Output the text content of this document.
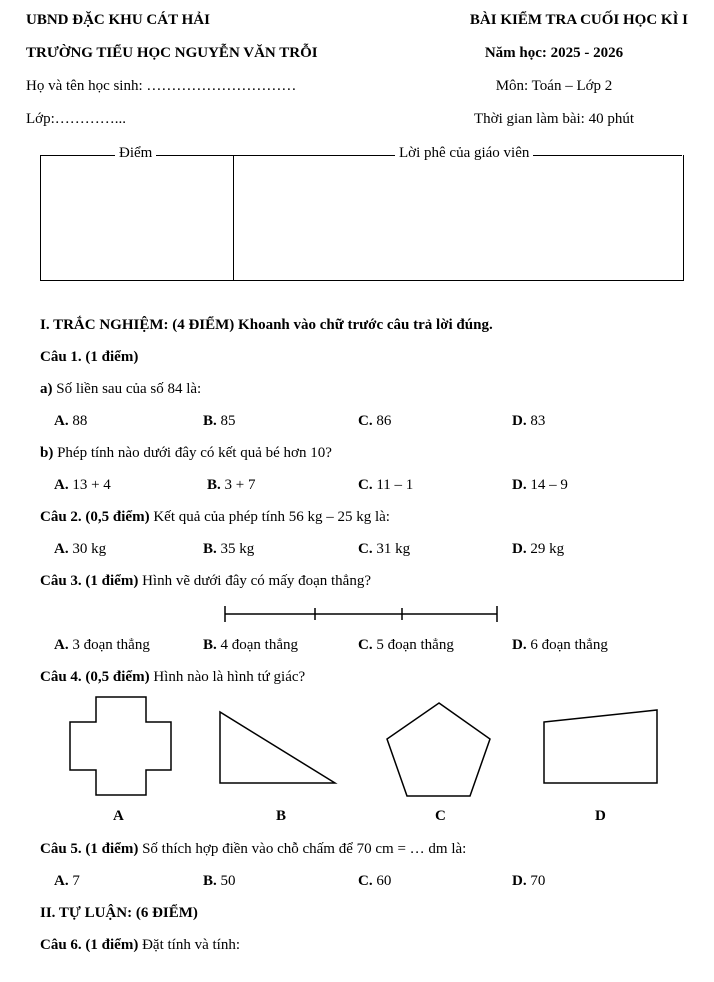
UBND ĐẶC KHU CÁT HẢI	BÀI KIỂM TRA CUỐI HỌC KÌ I
TRƯỜNG TIỂU HỌC NGUYỄN VĂN TRỖI	Năm học: 2025 - 2026
Họ và tên học sinh: …………………………	Môn: Toán – Lớp 2
Lớp:…………...	Thời gian làm bài: 40 phút
Điểm	Lời phê của giáo viên
I. TRẮC NGHIỆM: (4 ĐIỂM) Khoanh vào chữ trước câu trả lời đúng.
Câu 1. (1 điểm)
a) Số liền sau của số 84 là:
A. 88	B. 85	C. 86	D. 83
b) Phép tính nào dưới đây có kết quả bé hơn 10?
A. 13 + 4	B. 3 + 7	C. 11 – 1	D. 14 – 9
Câu 2. (0,5 điểm) Kết quả của phép tính 56 kg – 25 kg là:
A. 30 kg	B. 35 kg	C. 31 kg	D. 29 kg
Câu 3. (1 điểm) Hình vẽ dưới đây có mấy đoạn thẳng?
A. 3 đoạn thẳng	B. 4 đoạn thẳng	C. 5 đoạn thẳng	D. 6 đoạn thẳng
Câu 4. (0,5 điểm) Hình nào là hình tứ giác?
A	B	C	D
Câu 5. (1 điểm) Số thích hợp điền vào chỗ chấm để 70 cm = … dm là:
A. 7	B. 50	C. 60	D. 70
II. TỰ LUẬN: (6 ĐIỂM)
Câu 6. (1 điểm) Đặt tính và tính:
